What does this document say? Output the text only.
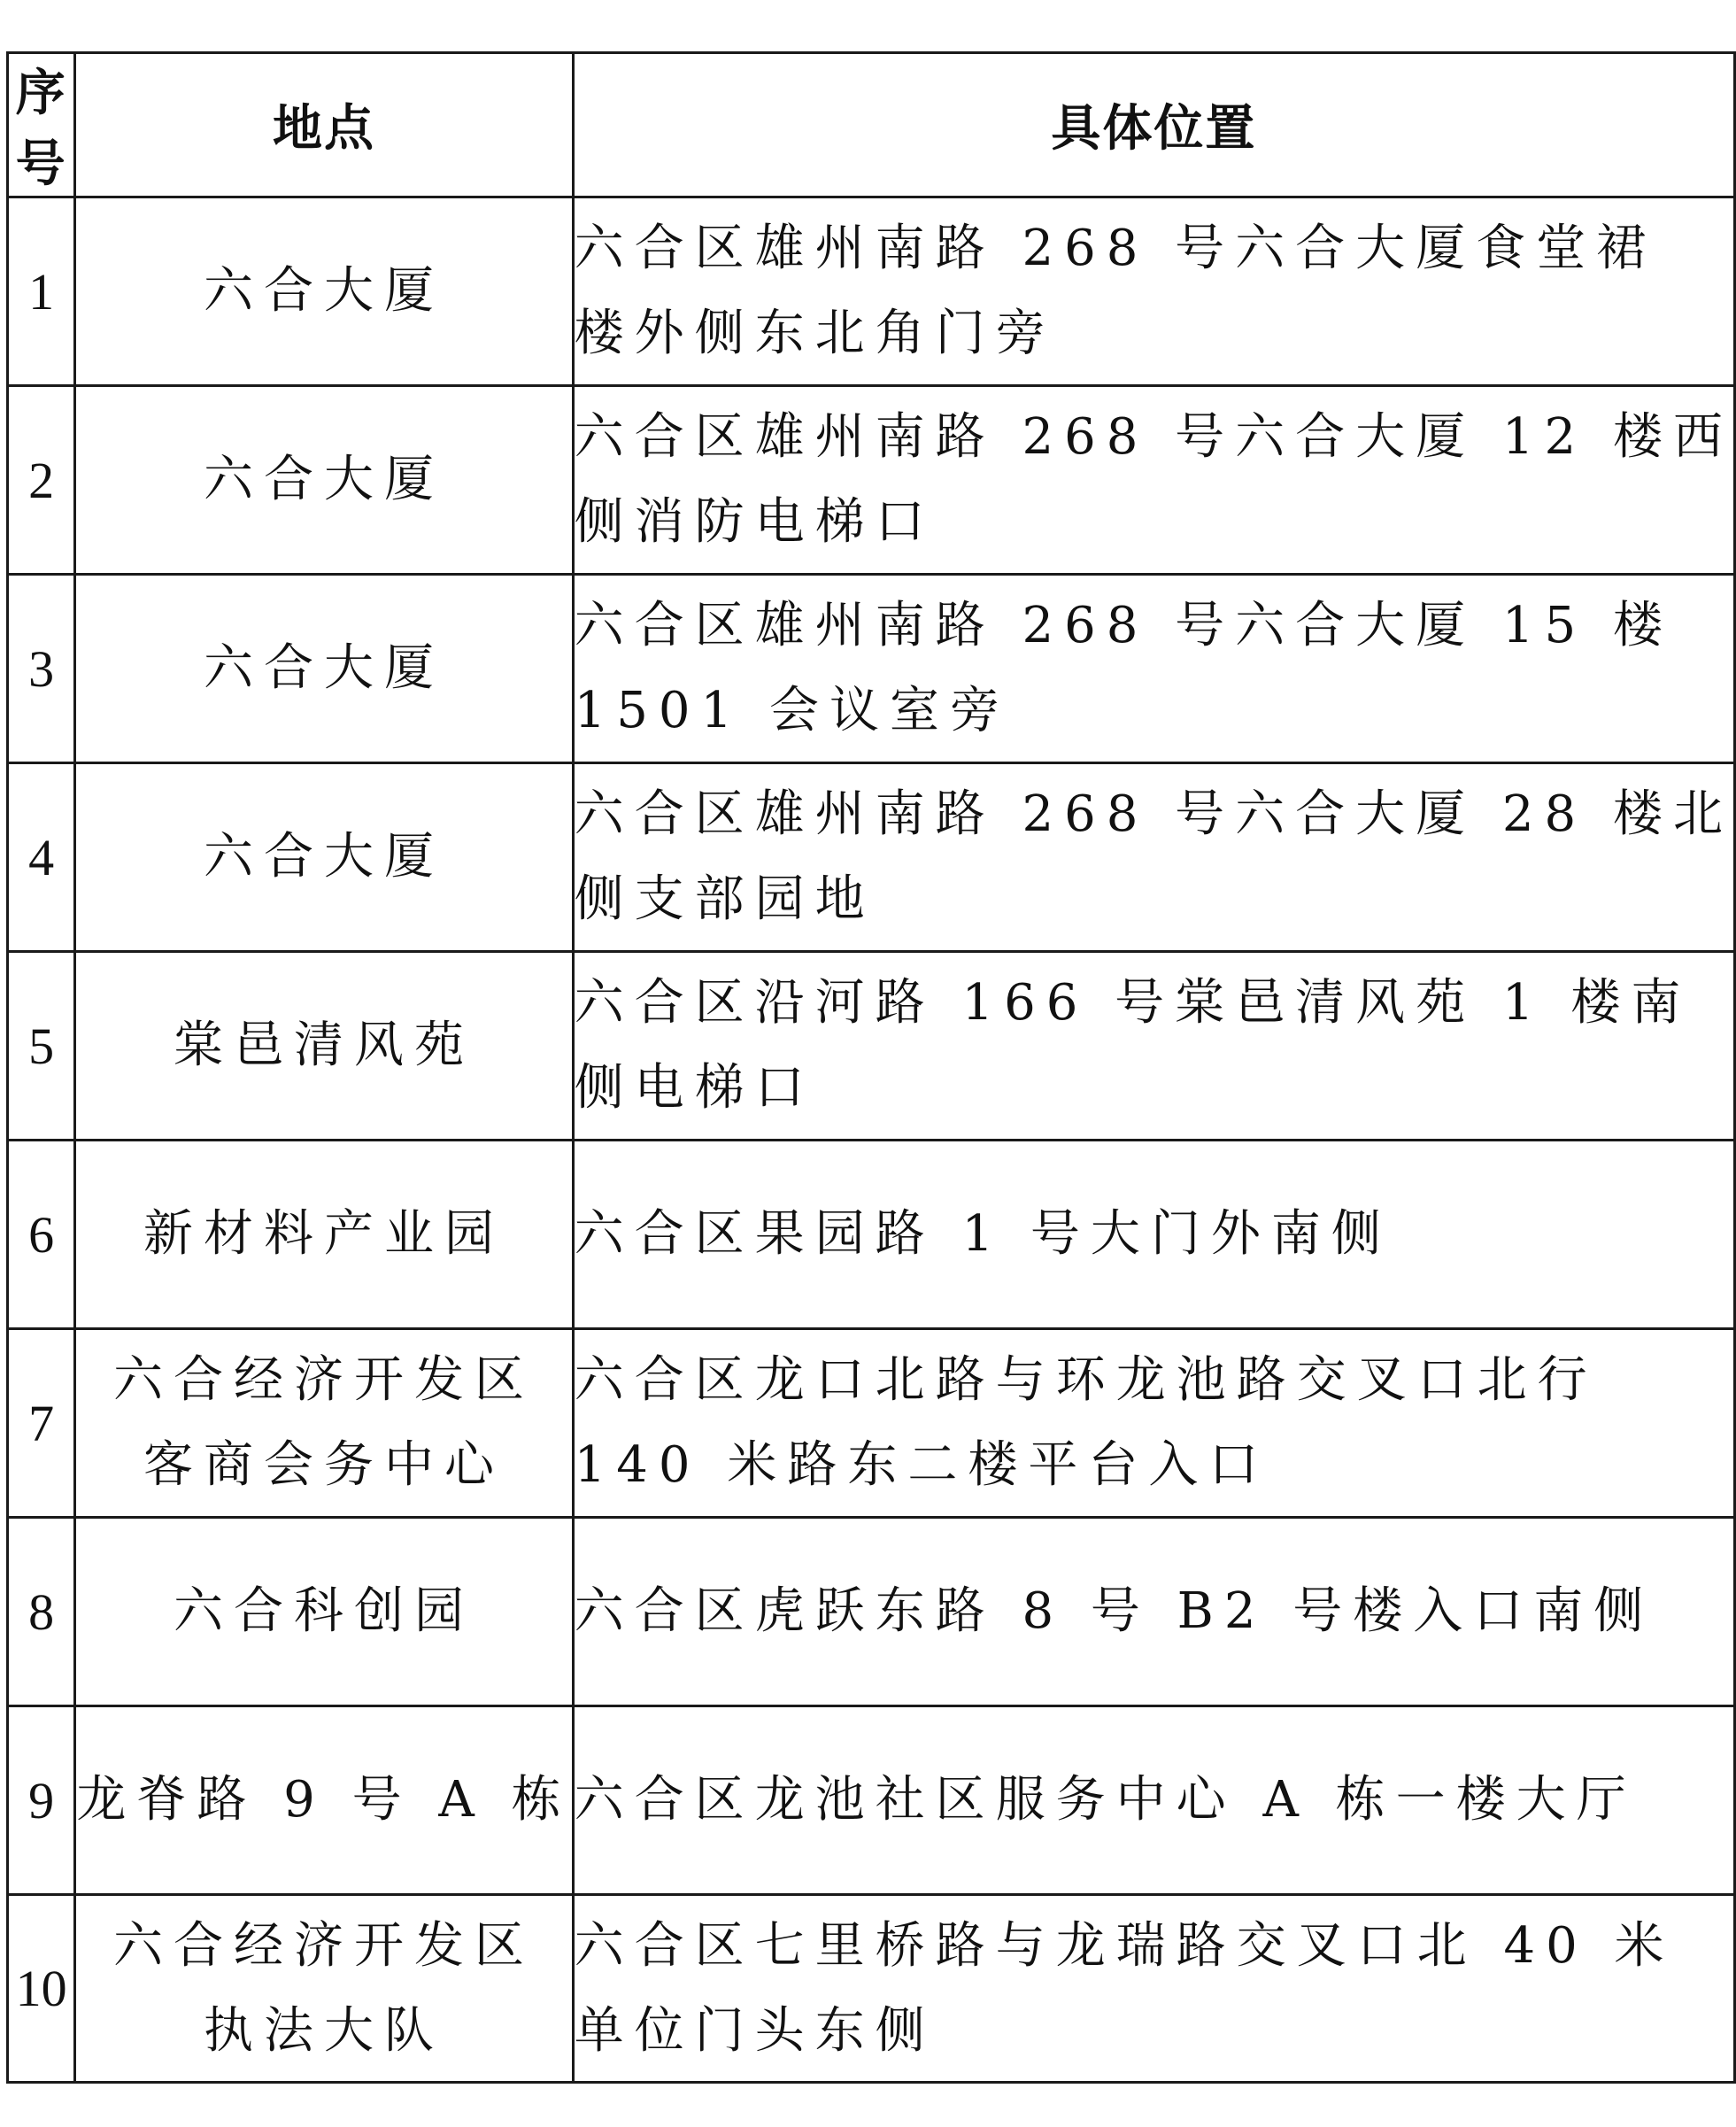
序号	地点	具体位置
1	六合大厦	六合区雄州南路 268 号六合大厦食堂裙
楼外侧东北角门旁

2	六合大厦	六合区雄州南路 268 号六合大厦 12 楼西
侧消防电梯口

3	六合大厦	六合区雄州南路 268 号六合大厦 15 楼
1501 会议室旁

4	六合大厦	六合区雄州南路 268 号六合大厦 28 楼北
侧支部园地

5	棠邑清风苑	六合区沿河路 166 号棠邑清风苑 1 楼南
侧电梯口

6	新材料产业园	六合区果园路 1 号大门外南侧

7	六合经济开发区
客商会务中心	六合区龙口北路与环龙池路交叉口北行
140 米路东二楼平台入口

8	六合科创园	六合区虎跃东路 8 号 B2 号楼入口南侧

9	龙脊路 9 号 A 栋	六合区龙池社区服务中心 A 栋一楼大厅

10	六合经济开发区
执法大队	六合区七里桥路与龙瑞路交叉口北 40 米
单位门头东侧
